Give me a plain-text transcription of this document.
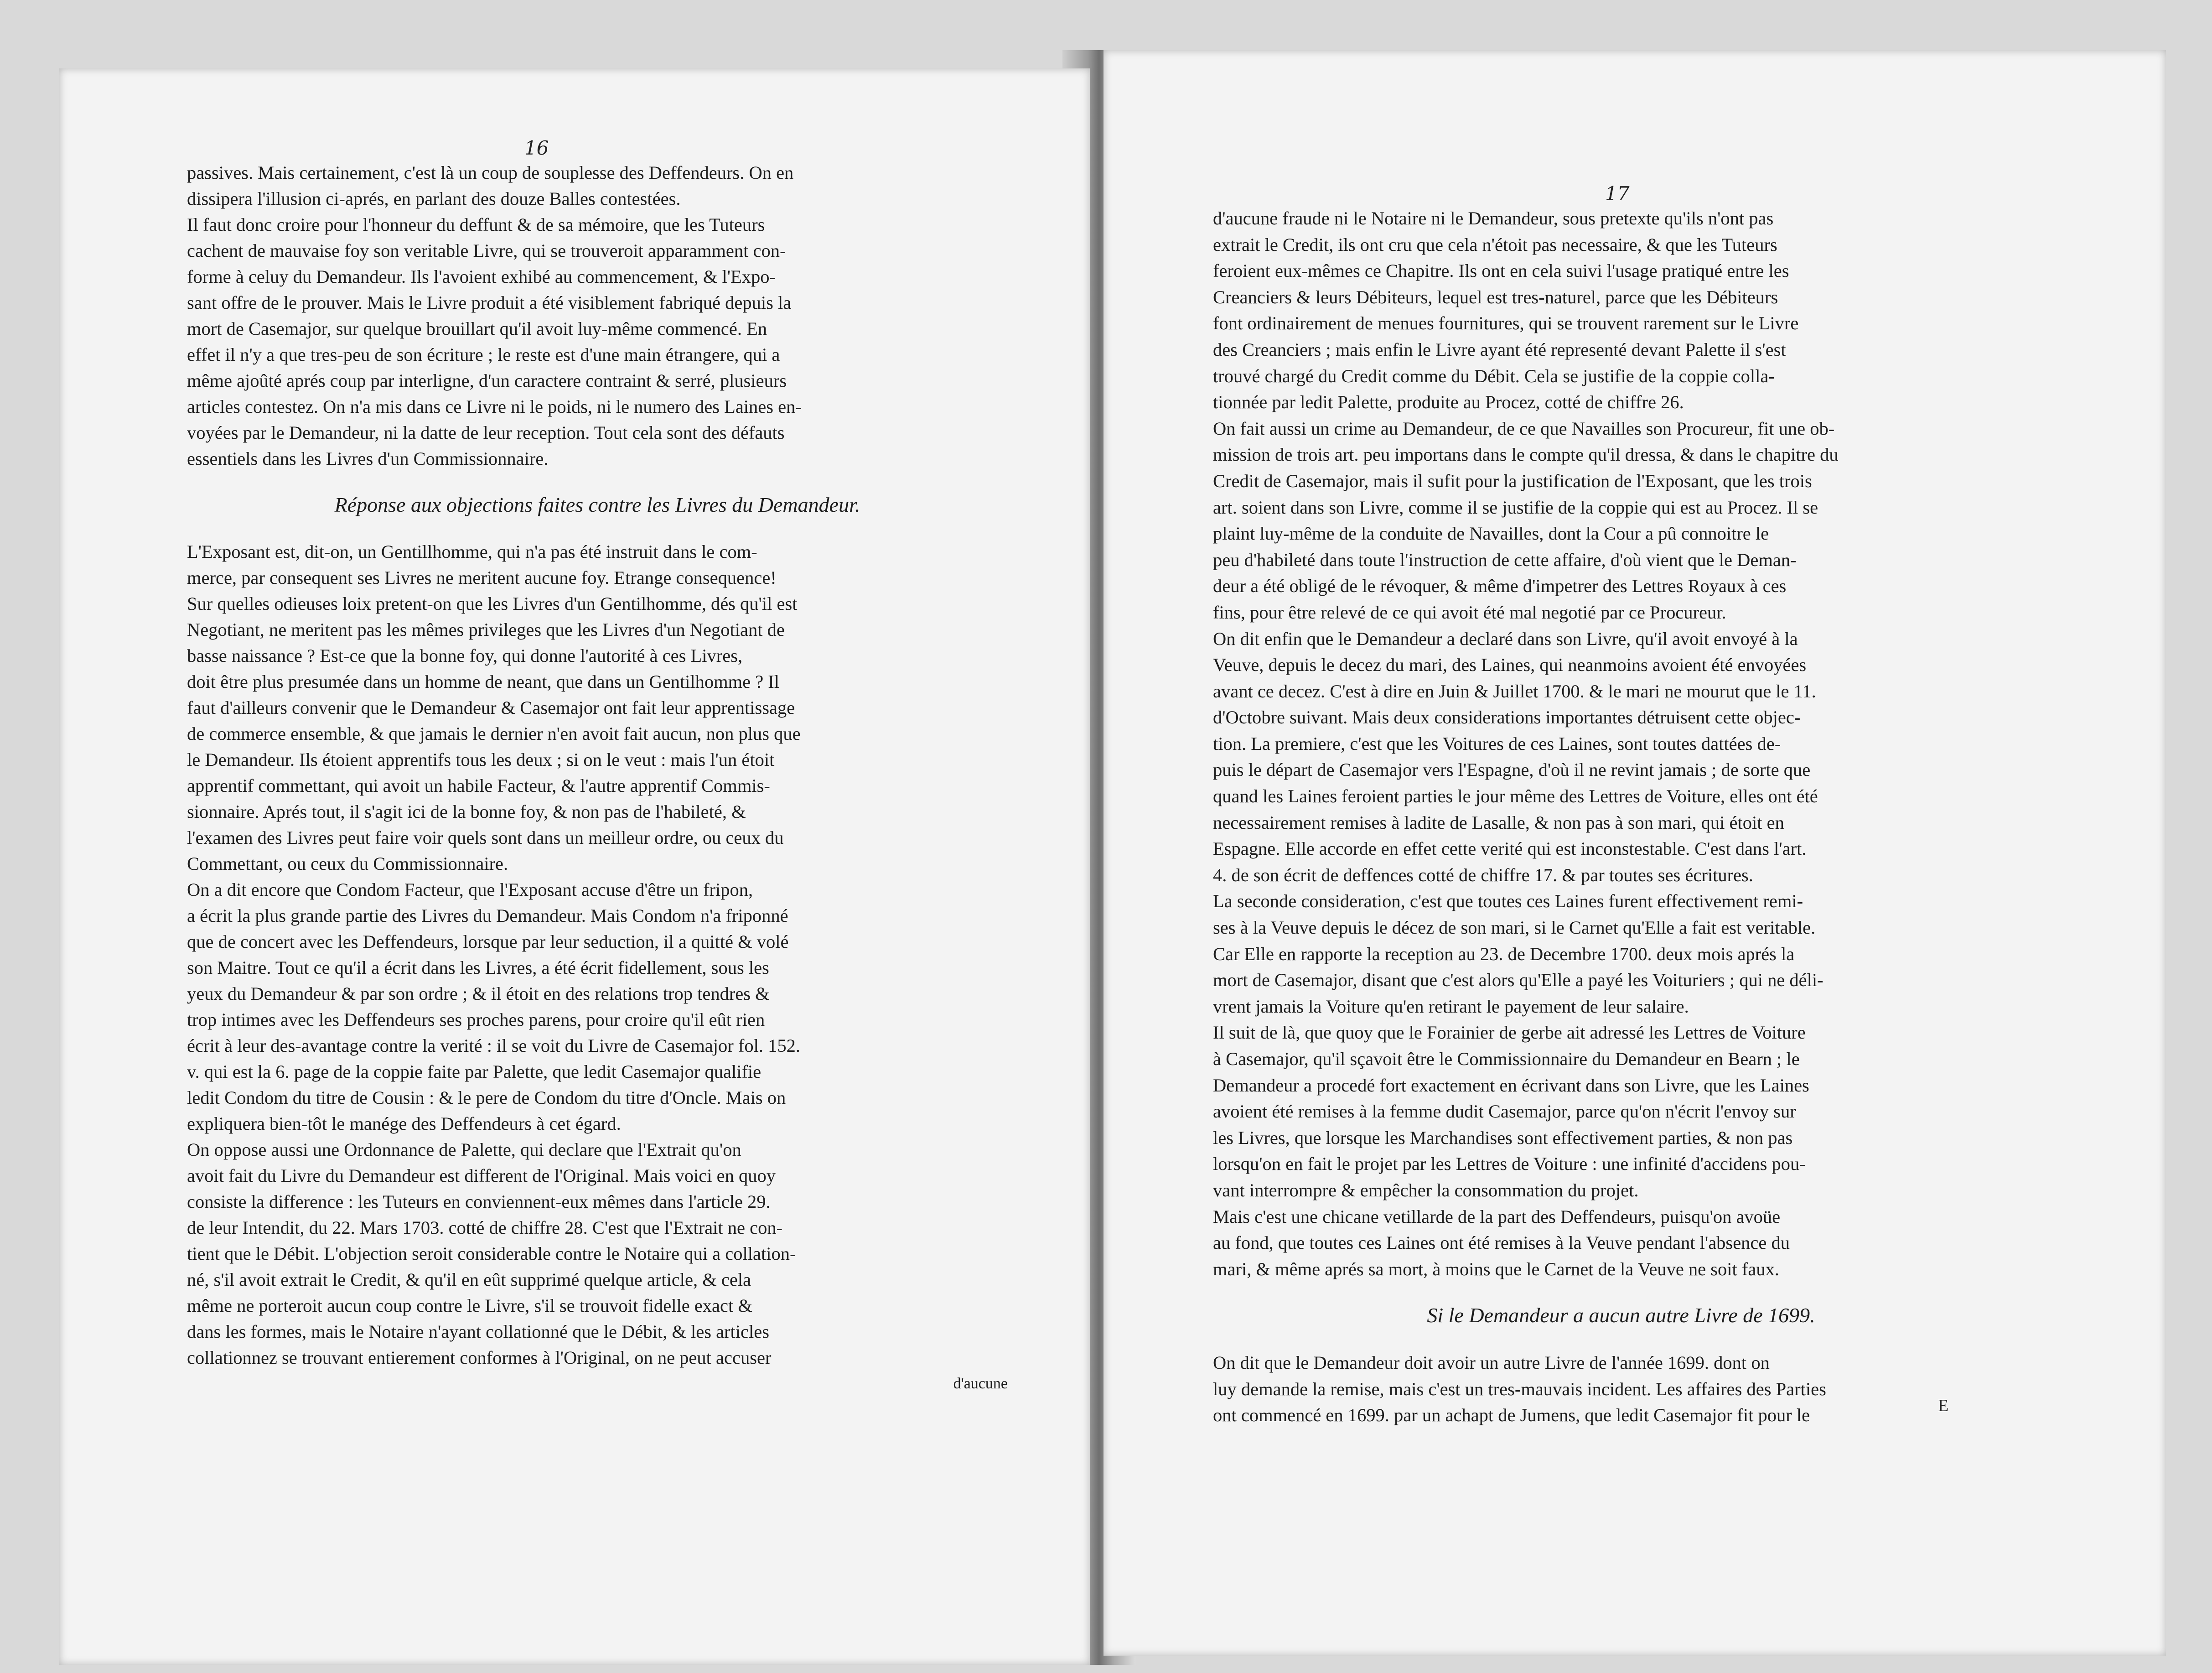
16
17
passives. Mais certainement, c'est là un coup de souplesse des Deffendeurs. On en
dissipera l'illusion ci-aprés, en parlant des douze Balles contestées.
Il faut donc croire pour l'honneur du deffunt & de sa mémoire, que les Tuteurs
cachent de mauvaise foy son veritable Livre, qui se trouveroit apparamment con-
forme à celuy du Demandeur. Ils l'avoient exhibé au commencement, & l'Expo-
sant offre de le prouver. Mais le Livre produit a été visiblement fabriqué depuis la
mort de Casemajor, sur quelque brouillart qu'il avoit luy-même commencé. En
effet il n'y a que tres-peu de son écriture ; le reste est d'une main étrangere, qui a
même ajoûté aprés coup par interligne, d'un caractere contraint & serré, plusieurs
articles contestez. On n'a mis dans ce Livre ni le poids, ni le numero des Laines en-
voyées par le Demandeur, ni la datte de leur reception. Tout cela sont des défauts
essentiels dans les Livres d'un Commissionnaire.
Réponse aux objections faites contre les Livres du Demandeur.
L'Exposant est, dit-on, un Gentillhomme, qui n'a pas été instruit dans le com-
merce, par consequent ses Livres ne meritent aucune foy. Etrange consequence!
Sur quelles odieuses loix pretent-on que les Livres d'un Gentilhomme, dés qu'il est
Negotiant, ne meritent pas les mêmes privileges que les Livres d'un Negotiant de
basse naissance ? Est-ce que la bonne foy, qui donne l'autorité à ces Livres,
doit être plus presumée dans un homme de neant, que dans un Gentilhomme ? Il
faut d'ailleurs convenir que le Demandeur & Casemajor ont fait leur apprentissage
de commerce ensemble, & que jamais le dernier n'en avoit fait aucun, non plus que
le Demandeur. Ils étoient apprentifs tous les deux ; si on le veut : mais l'un étoit
apprentif commettant, qui avoit un habile Facteur, & l'autre apprentif Commis-
sionnaire. Aprés tout, il s'agit ici de la bonne foy, & non pas de l'habileté, &
l'examen des Livres peut faire voir quels sont dans un meilleur ordre, ou ceux du
Commettant, ou ceux du Commissionnaire.
On a dit encore que Condom Facteur, que l'Exposant accuse d'être un fripon,
a écrit la plus grande partie des Livres du Demandeur. Mais Condom n'a friponné
que de concert avec les Deffendeurs, lorsque par leur seduction, il a quitté & volé
son Maitre. Tout ce qu'il a écrit dans les Livres, a été écrit fidellement, sous les
yeux du Demandeur & par son ordre ; & il étoit en des relations trop tendres &
trop intimes avec les Deffendeurs ses proches parens, pour croire qu'il eût rien
écrit à leur des-avantage contre la verité : il se voit du Livre de Casemajor fol. 152.
v. qui est la 6. page de la coppie faite par Palette, que ledit Casemajor qualifie
ledit Condom du titre de Cousin : & le pere de Condom du titre d'Oncle. Mais on
expliquera bien-tôt le manége des Deffendeurs à cet égard.
On oppose aussi une Ordonnance de Palette, qui declare que l'Extrait qu'on
avoit fait du Livre du Demandeur est different de l'Original. Mais voici en quoy
consiste la difference : les Tuteurs en conviennent-eux mêmes dans l'article 29.
de leur Intendit, du 22. Mars 1703. cotté de chiffre 28. C'est que l'Extrait ne con-
tient que le Débit. L'objection seroit considerable contre le Notaire qui a collation-
né, s'il avoit extrait le Credit, & qu'il en eût supprimé quelque article, & cela
même ne porteroit aucun coup contre le Livre, s'il se trouvoit fidelle exact &
dans les formes, mais le Notaire n'ayant collationné que le Débit, & les articles
collationnez se trouvant entierement conformes à l'Original, on ne peut accuser
d'aucune
d'aucune fraude ni le Notaire ni le Demandeur, sous pretexte qu'ils n'ont pas
extrait le Credit, ils ont cru que cela n'étoit pas necessaire, & que les Tuteurs
feroient eux-mêmes ce Chapitre. Ils ont en cela suivi l'usage pratiqué entre les
Creanciers & leurs Débiteurs, lequel est tres-naturel, parce que les Débiteurs
font ordinairement de menues fournitures, qui se trouvent rarement sur le Livre
des Creanciers ; mais enfin le Livre ayant été representé devant Palette il s'est
trouvé chargé du Credit comme du Débit. Cela se justifie de la coppie colla-
tionnée par ledit Palette, produite au Procez, cotté de chiffre 26.
On fait aussi un crime au Demandeur, de ce que Navailles son Procureur, fit une ob-
mission de trois art. peu importans dans le compte qu'il dressa, & dans le chapitre du
Credit de Casemajor, mais il sufit pour la justification de l'Exposant, que les trois
art. soient dans son Livre, comme il se justifie de la coppie qui est au Procez. Il se
plaint luy-même de la conduite de Navailles, dont la Cour a pû connoitre le
peu d'habileté dans toute l'instruction de cette affaire, d'où vient que le Deman-
deur a été obligé de le révoquer, & même d'impetrer des Lettres Royaux à ces
fins, pour être relevé de ce qui avoit été mal negotié par ce Procureur.
On dit enfin que le Demandeur a declaré dans son Livre, qu'il avoit envoyé à la
Veuve, depuis le decez du mari, des Laines, qui neanmoins avoient été envoyées
avant ce decez. C'est à dire en Juin & Juillet 1700. & le mari ne mourut que le 11.
d'Octobre suivant. Mais deux considerations importantes détruisent cette objec-
tion. La premiere, c'est que les Voitures de ces Laines, sont toutes dattées de-
puis le départ de Casemajor vers l'Espagne, d'où il ne revint jamais ; de sorte que
quand les Laines feroient parties le jour même des Lettres de Voiture, elles ont été
necessairement remises à ladite de Lasalle, & non pas à son mari, qui étoit en
Espagne. Elle accorde en effet cette verité qui est inconstestable. C'est dans l'art.
4. de son écrit de deffences cotté de chiffre 17. & par toutes ses écritures.
La seconde consideration, c'est que toutes ces Laines furent effectivement remi-
ses à la Veuve depuis le décez de son mari, si le Carnet qu'Elle a fait est veritable.
Car Elle en rapporte la reception au 23. de Decembre 1700. deux mois aprés la
mort de Casemajor, disant que c'est alors qu'Elle a payé les Voituriers ; qui ne déli-
vrent jamais la Voiture qu'en retirant le payement de leur salaire.
Il suit de là, que quoy que le Forainier de gerbe ait adressé les Lettres de Voiture
à Casemajor, qu'il sçavoit être le Commissionnaire du Demandeur en Bearn ; le
Demandeur a procedé fort exactement en écrivant dans son Livre, que les Laines
avoient été remises à la femme dudit Casemajor, parce qu'on n'écrit l'envoy sur
les Livres, que lorsque les Marchandises sont effectivement parties, & non pas
lorsqu'on en fait le projet par les Lettres de Voiture : une infinité d'accidens pou-
vant interrompre & empêcher la consommation du projet.
Mais c'est une chicane vetillarde de la part des Deffendeurs, puisqu'on avoüe
au fond, que toutes ces Laines ont été remises à la Veuve pendant l'absence du
mari, & même aprés sa mort, à moins que le Carnet de la Veuve ne soit faux.
Si le Demandeur a aucun autre Livre de 1699.
On dit que le Demandeur doit avoir un autre Livre de l'année 1699. dont on
luy demande la remise, mais c'est un tres-mauvais incident. Les affaires des Parties
ont commencé en 1699. par un achapt de Jumens, que ledit Casemajor fit pour le	E
